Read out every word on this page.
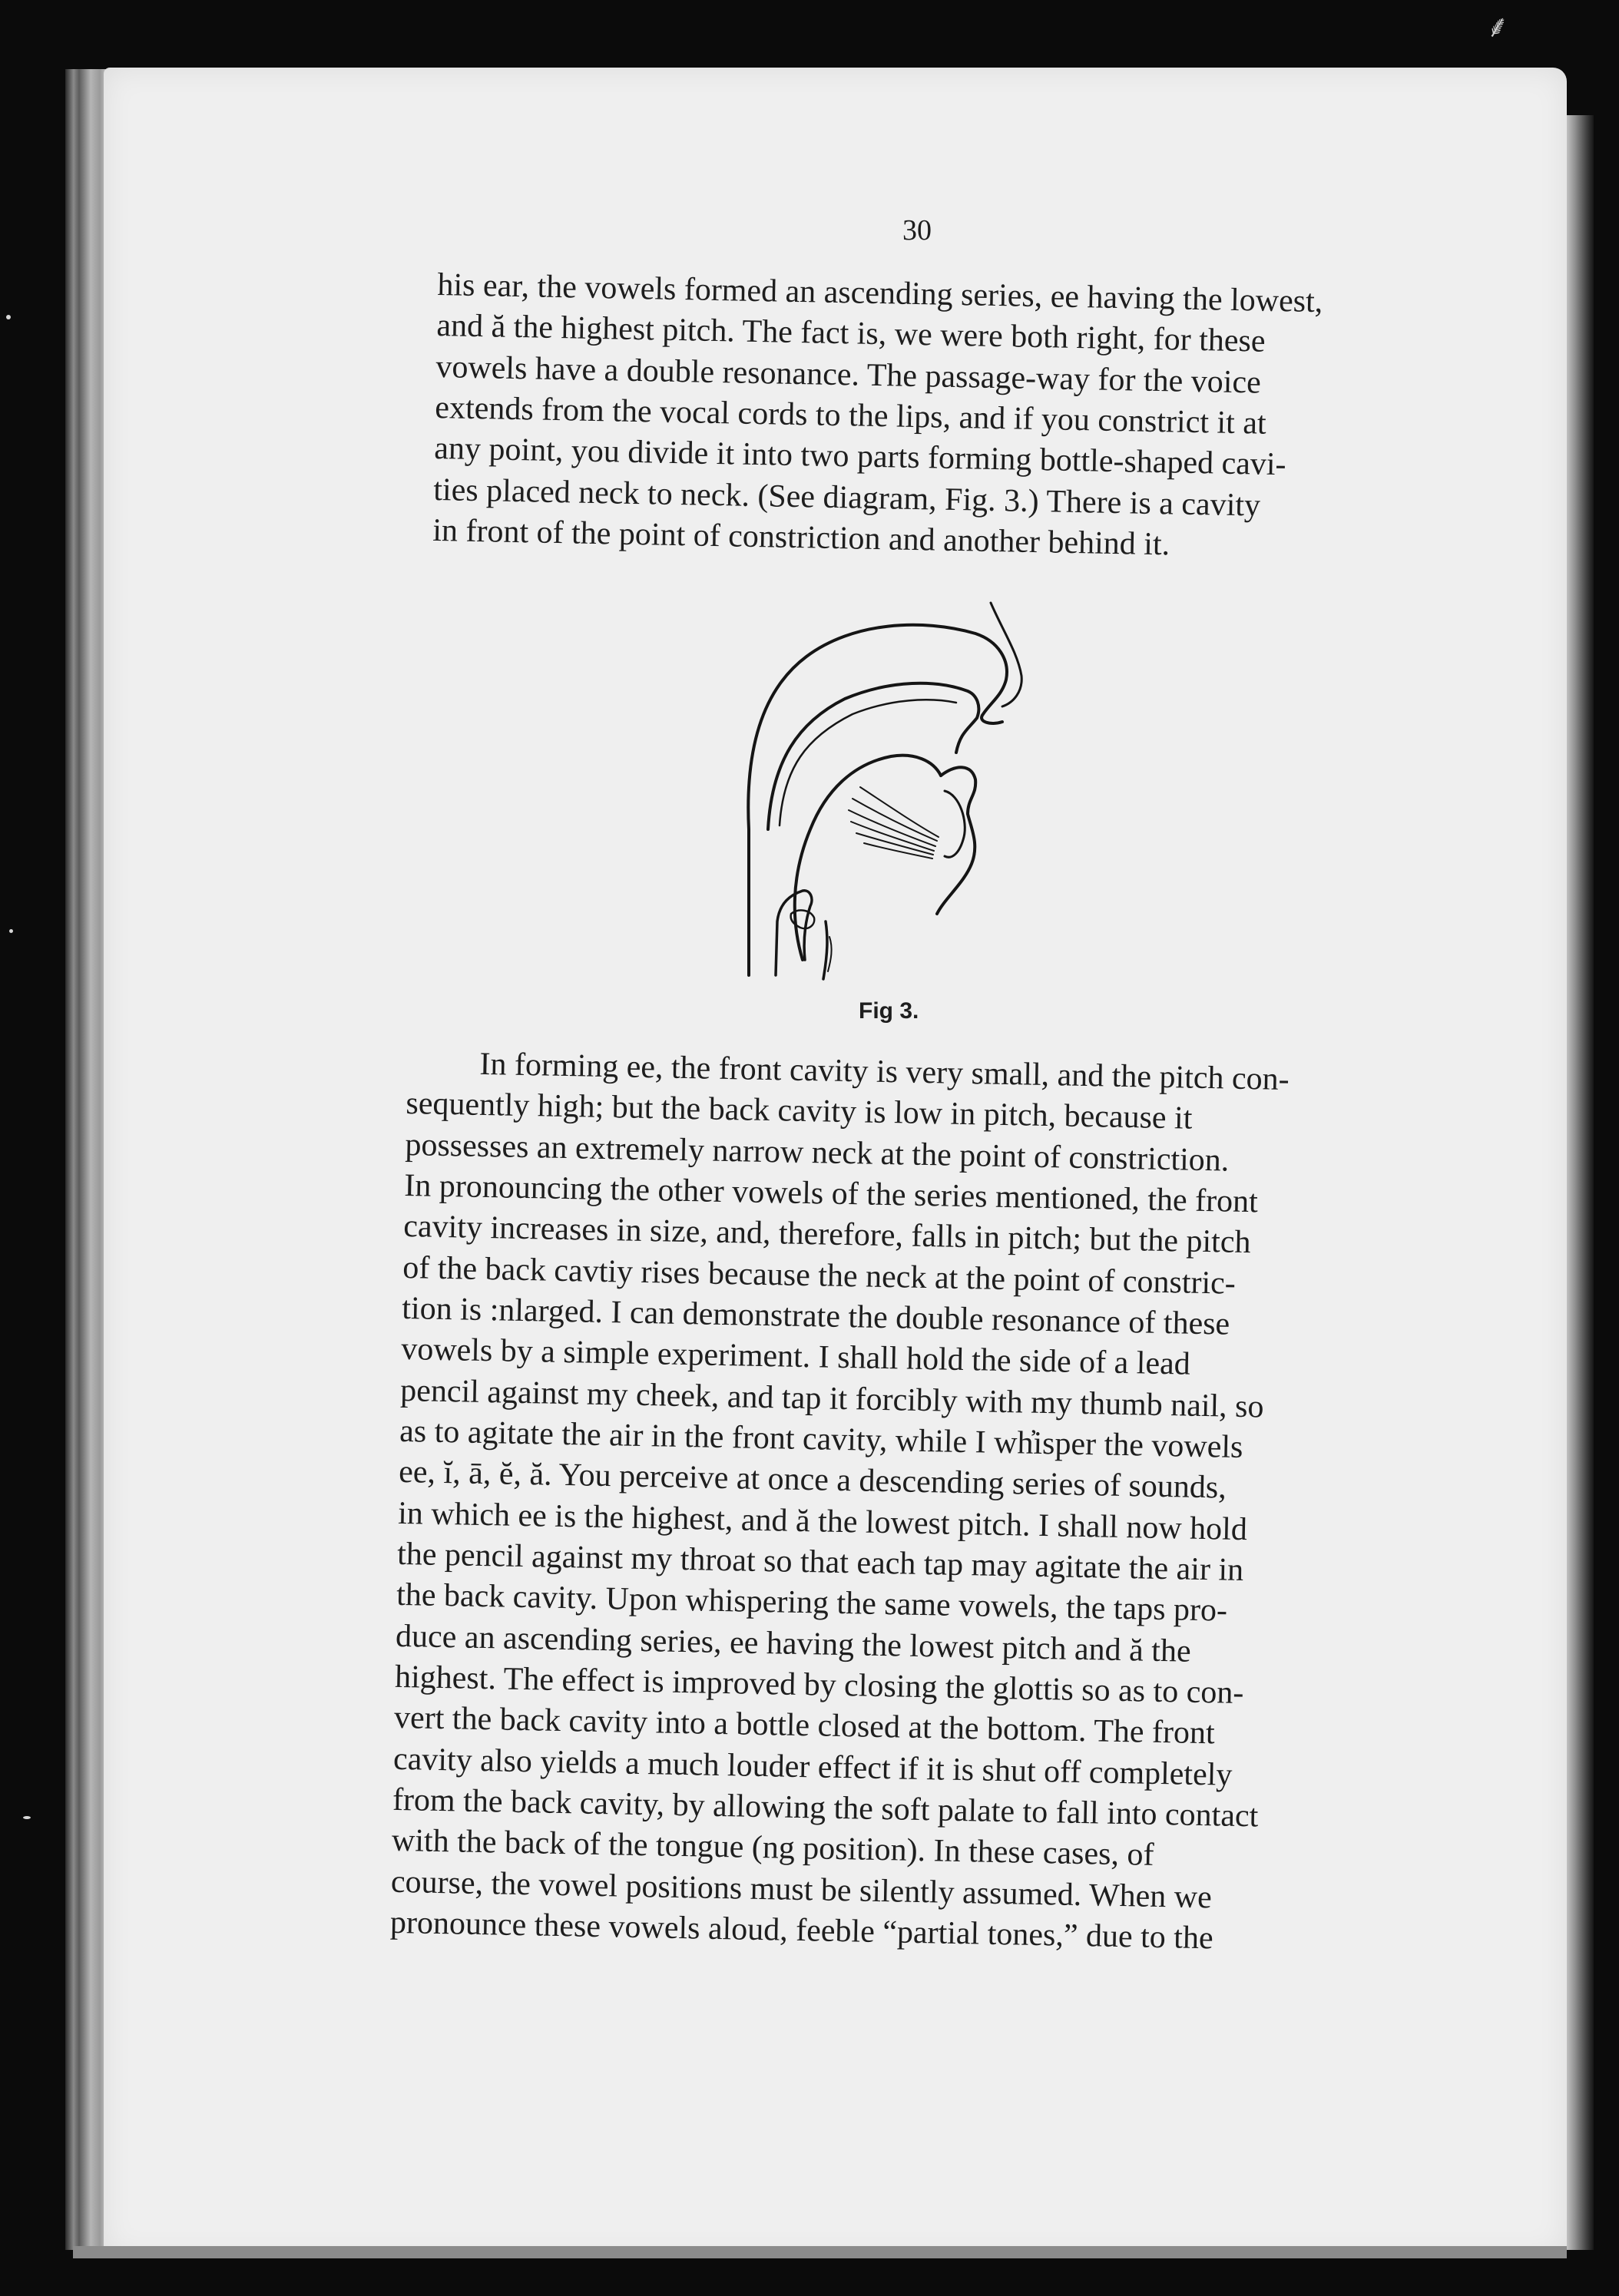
⸙
30
his ear, the vowels formed an ascending series, ee having the lowest,
and ă the highest pitch. The fact is, we were both right, for these
vowels have a double resonance. The passage-way for the voice
extends from the vocal cords to the lips, and if you constrict it at
any point, you divide it into two parts forming bottle-shaped cavi-
ties placed neck to neck. (See diagram, Fig. 3.) There is a cavity
in front of the point of constriction and another behind it.
Fig 3.
In forming ee, the front cavity is very small, and the pitch con-
sequently high; but the back cavity is low in pitch, because it
possesses an extremely narrow neck at the point of constriction.
In pronouncing the other vowels of the series mentioned, the front
cavity increases in size, and, therefore, falls in pitch; but the pitch
of the back cavtiy rises because the neck at the point of constric-
tion is :nlarged. I can demonstrate the double resonance of these
vowels by a simple experiment. I shall hold the side of a lead
pencil against my cheek, and tap it forcibly with my thumb nail, so
as to agitate the air in the front cavity, while I wh̓isper the vowels
ee, ĭ, ā, ĕ, ă. You perceive at once a descending series of sounds,
in which ee is the highest, and ă the lowest pitch. I shall now hold
the pencil against my throat so that each tap may agitate the air in
the back cavity. Upon whispering the same vowels, the taps pro-
duce an ascending series, ee having the lowest pitch and ă the
highest. The effect is improved by closing the glottis so as to con-
vert the back cavity into a bottle closed at the bottom. The front
cavity also yields a much louder effect if it is shut off completely
from the back cavity, by allowing the soft palate to fall into contact
with the back of the tongue (ng position). In these cases, of
course, the vowel positions must be silently assumed. When we
pronounce these vowels aloud, feeble “partial tones,” due to the
